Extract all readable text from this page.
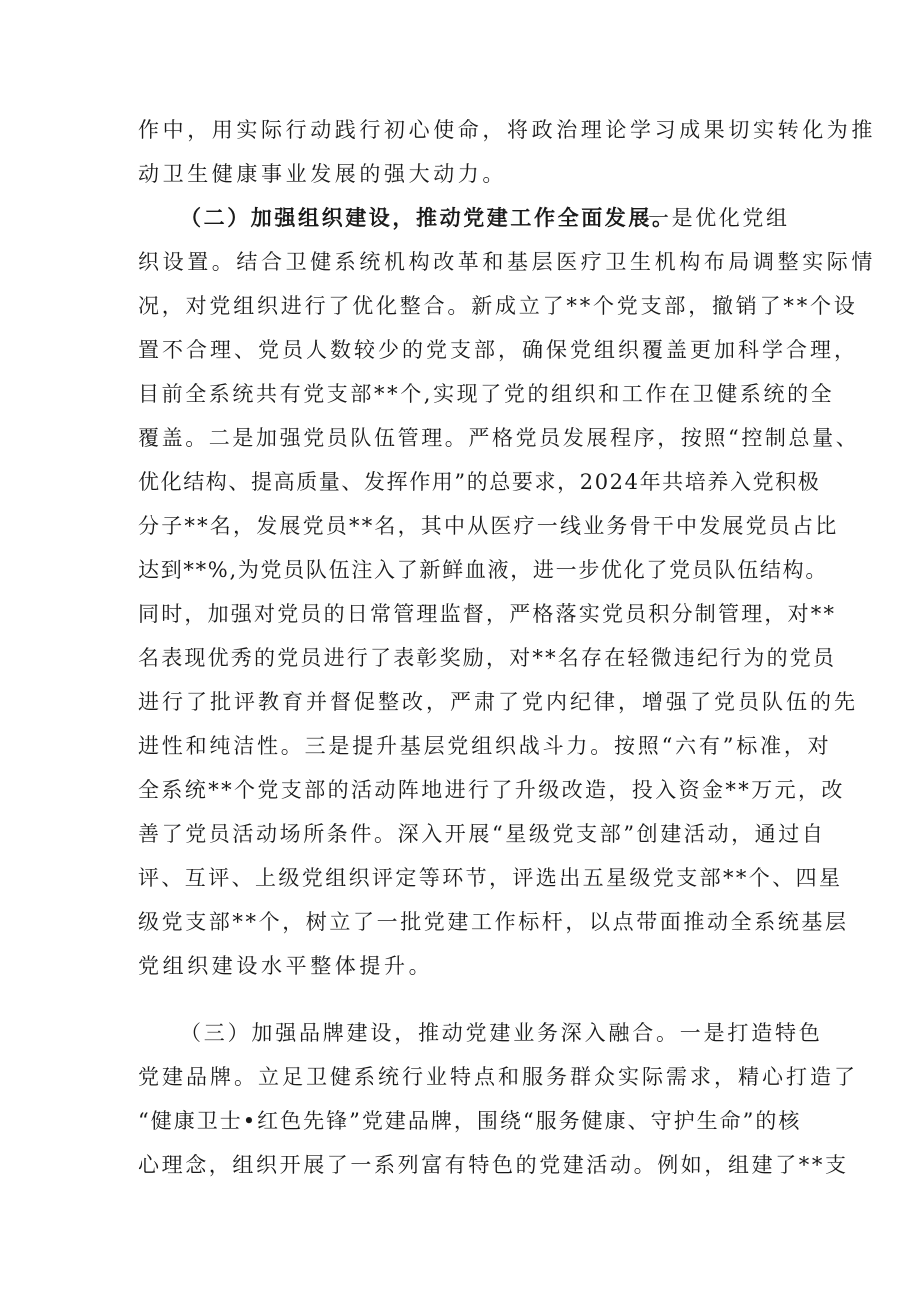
作中，用实际行动践行初心使命，将政治理论学习成果切实转化为推

动卫生健康事业发展的强大动力。

（二）加强组织建设，推动党建工作全面发展。

一是优化党组

织设置。结合卫健系统机构改革和基层医疗卫生机构布局调整实际情

况，对党组织进行了优化整合。新成立了**个党支部，撤销了**个设

置不合理、党员人数较少的党支部，确保党组织覆盖更加科学合理，

目前全系统共有党支部**个,实现了党的组织和工作在卫健系统的全

覆盖。二是加强党员队伍管理。严格党员发展程序，按照“控制总量、

优化结构、提高质量、发挥作用”的总要求，2024年共培养入党积极

分子**名，发展党员**名，其中从医疗一线业务骨干中发展党员占比

达到**%,为党员队伍注入了新鲜血液，进一步优化了党员队伍结构。

同时，加强对党员的日常管理监督，严格落实党员积分制管理，对**

名表现优秀的党员进行了表彰奖励，对**名存在轻微违纪行为的党员

进行了批评教育并督促整改，严肃了党内纪律，增强了党员队伍的先

进性和纯洁性。三是提升基层党组织战斗力。按照“六有”标准，对

全系统**个党支部的活动阵地进行了升级改造，投入资金**万元，改

善了党员活动场所条件。深入开展“星级党支部”创建活动，通过自

评、互评、上级党组织评定等环节，评选出五星级党支部**个、四星

级党支部**个，树立了一批党建工作标杆，以点带面推动全系统基层

党组织建设水平整体提升。

（三）加强品牌建设，推动党建业务深入融合。一是打造特色

党建品牌。立足卫健系统行业特点和服务群众实际需求，精心打造了

“健康卫士•红色先锋”党建品牌，围绕“服务健康、守护生命”的核

心理念，组织开展了一系列富有特色的党建活动。例如，组建了**支
